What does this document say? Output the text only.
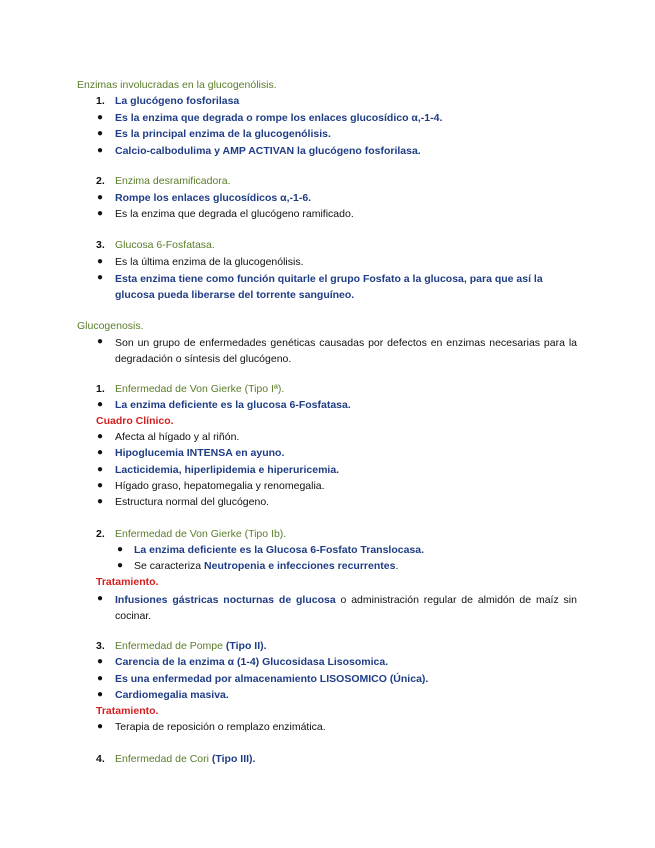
Enzimas involucradas en la glucogenólisis.
1. La glucógeno fosforilasa
● Es la enzima que degrada o rompe los enlaces glucosídico α,-1-4.
● Es la principal enzima de la glucogenólisis.
● Calcio-calbodulima y AMP ACTIVAN la glucógeno fosforilasa.
2. Enzima desramificadora.
● Rompe los enlaces glucosídicos α,-1-6.
● Es la enzima que degrada el glucógeno ramificado.
3. Glucosa 6-Fosfatasa.
● Es la última enzima de la glucogenólisis.
● Esta enzima tiene como función quitarle el grupo Fosfato a la glucosa, para que así la glucosa pueda liberarse del torrente sanguíneo.
Glucogenosis.
● Son un grupo de enfermedades genéticas causadas por defectos en enzimas necesarias para la degradación o síntesis del glucógeno.
1. Enfermedad de Von Gierke (Tipo Iª).
● La enzima deficiente es la glucosa 6-Fosfatasa.
Cuadro Clínico.
● Afecta al hígado y al riñón.
● Hipoglucemia INTENSA en ayuno.
● Lacticidemia, hiperlipidemia e hiperuricemia.
● Hígado graso, hepatomegalia y renomegalia.
● Estructura normal del glucógeno.
2. Enfermedad de Von Gierke (Tipo Ib).
● La enzima deficiente es la Glucosa 6-Fosfato Translocasa.
● Se caracteriza Neutropenia e infecciones recurrentes.
Tratamiento.
● Infusiones gástricas nocturnas de glucosa o administración regular de almidón de maíz sin cocinar.
3. Enfermedad de Pompe (Tipo II).
● Carencia de la enzima α (1-4) Glucosidasa Lisosomica.
● Es una enfermedad por almacenamiento LISOSOMICO (Única).
● Cardiomegalia masiva.
Tratamiento.
● Terapia de reposición o remplazo enzimática.
4. Enfermedad de Cori (Tipo III).
